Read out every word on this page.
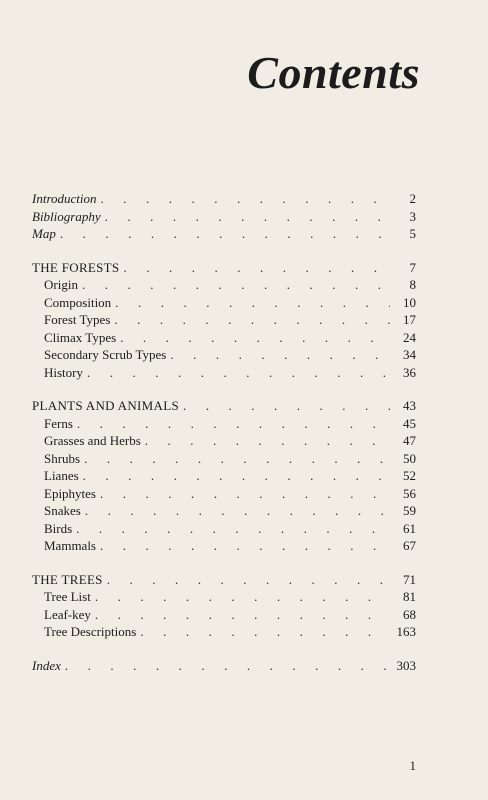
Contents
Introduction .	2
Bibliography .	3
Map .	5
THE FORESTS .	7
Origin .	8
Composition .	10
Forest Types .	17
Climax Types .	24
Secondary Scrub Types .	34
History .	36
PLANTS AND ANIMALS .	43
Ferns .	45
Grasses and Herbs .	47
Shrubs .	50
Lianes .	52
Epiphytes .	56
Snakes .	59
Birds .	61
Mammals .	67
THE TREES .	71
Tree List .	81
Leaf-key .	68
Tree Descriptions .	163
Index .	303
1
